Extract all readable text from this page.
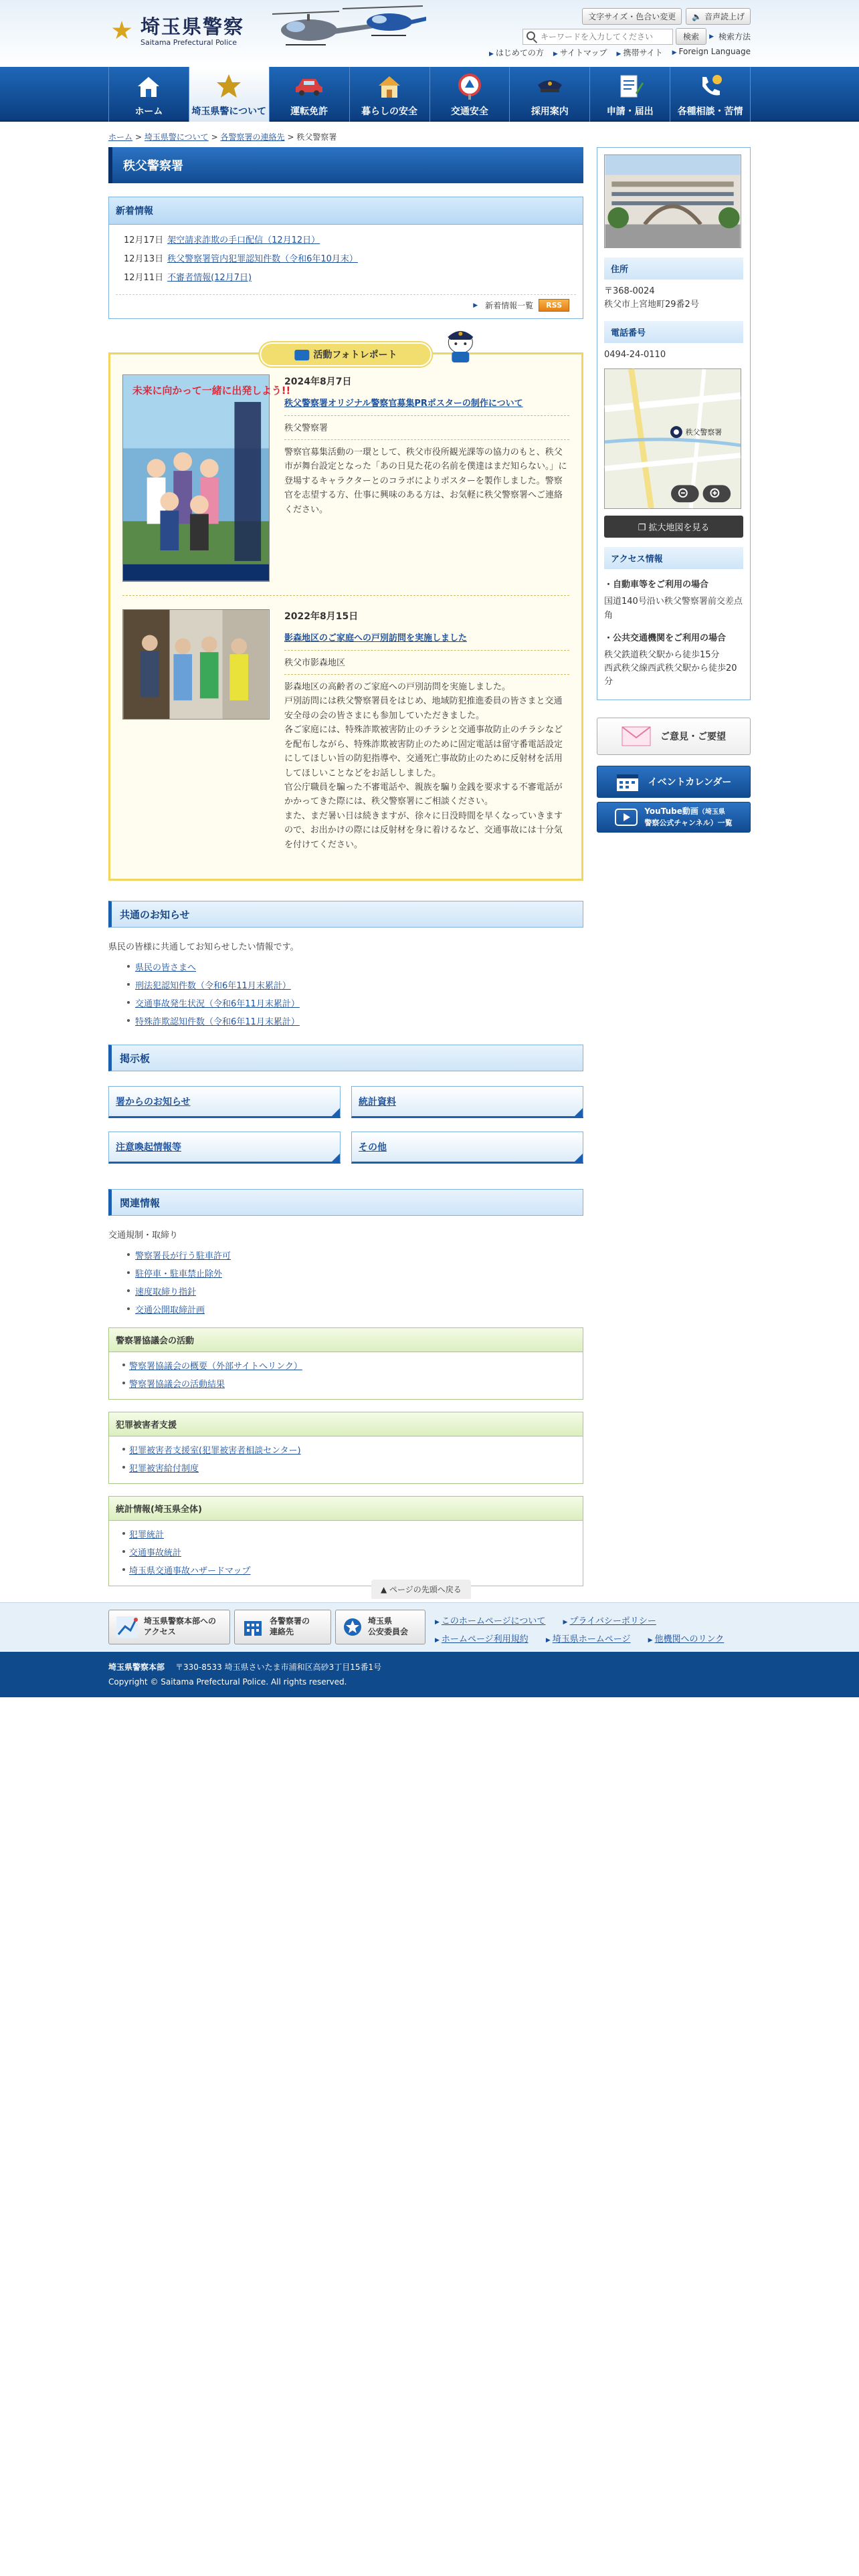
埼玉県警察
Saitama Prefectural Police
文字サイズ・色合い変更	🔈 音声読上げ
キーワードを入力してください
検索	▶ 検索方法
▶ はじめての方 ▶ サイトマップ ▶ 携帯サイト ▶ Foreign Language
ホーム	埼玉県警について	運転免許	暮らしの安全	交通安全	採用案内	申請・届出	各種相談・苦情
ホーム > 埼玉県警について > 各警察署の連絡先 > 秩父警察署
秩父警察署
新着情報
12月17日 架空請求詐欺の手口配信（12月12日）
12月13日 秩父警察署管内犯罪認知件数（令和6年10月末）
12月11日 不審者情報(12月7日)
▶ 新着情報一覧	RSS
活動フォトレポート
未来に向かって一緒に出発しよう!!
2024年8月7日
秩父警察署オリジナル警察官募集PRポスターの制作について
秩父警察署

警察官募集活動の一環として、秩父市役所観光課等の協力のもと、秩父市が舞台設定となった「あの日見た花の名前を僕達はまだ知らない。」に登場するキャラクターとのコラボによりポスターを製作しました。警察官を志望する方、仕事に興味のある方は、お気軽に秩父警察署へご連絡ください。

2022年8月15日
影森地区のご家庭への戸別訪問を実施しました
秩父市影森地区

影森地区の高齢者のご家庭への戸別訪問を実施しました。
戸別訪問には秩父警察署員をはじめ、地域防犯推進委員の皆さまと交通安全母の会の皆さまにも参加していただきました。
各ご家庭には、特殊詐欺被害防止のチラシと交通事故防止のチラシなどを配布しながら、特殊詐欺被害防止のために固定電話は留守番電話設定にしてほしい旨の防犯指導や、交通死亡事故防止のために反射材を活用してほしいことなどをお話ししました。
官公庁職員を騙った不審電話や、親族を騙り金銭を要求する不審電話がかかってきた際には、秩父警察署にご相談ください。
また、まだ暑い日は続きますが、徐々に日没時間を早くなっていきますので、お出かけの際には反射材を身に着けるなど、交通事故には十分気を付けてください。

共通のお知らせ

県民の皆様に共通してお知らせしたい情報です。

県民の皆さまへ
刑法犯認知件数（令和6年11月末累計）
交通事故発生状況（令和6年11月末累計）
特殊詐欺認知件数（令和6年11月末累計）
掲示板
署からのお知らせ	統計資料
注意喚起情報等	その他
関連情報

交通規制・取締り

警察署長が行う駐車許可
駐停車・駐車禁止除外
速度取締り指針
交通公開取締計画
警察署協議会の活動
警察署協議会の概要（外部サイトへリンク）
警察署協議会の活動結果
犯罪被害者支援
犯罪被害者支援室(犯罪被害者相談センター)
犯罪被害給付制度
統計情報(埼玉県全体)
犯罪統計
交通事故統計
埼玉県交通事故ハザードマップ
▲ ページの先頭へ戻る
住所
〒368-0024
秩父市上宮地町29番2号
電話番号
0494-24-0110
秩父警察署
❐ 拡大地図を見る
アクセス情報
・自動車等をご利用の場合
国道140号沿い秩父警察署前交差点角
・公共交通機関をご利用の場合
秩父鉄道秩父駅から徒歩15分
西武秩父線西武秩父駅から徒歩20分
ご意見・ご要望
イベントカレンダー
YouTube動画（埼玉県
警察公式チャンネル）一覧
埼玉県警察本部への
アクセス
各警察署の
連絡先
埼玉県
公安委員会
▶ このホームページについて	▶ プライバシーポリシー
▶ ホームページ利用規約	▶ 埼玉県ホームページ	▶ 他機関へのリンク
埼玉県警察本部 〒330-8533 埼玉県さいたま市浦和区高砂3丁目15番1号
Copyright © Saitama Prefectural Police. All rights reserved.
